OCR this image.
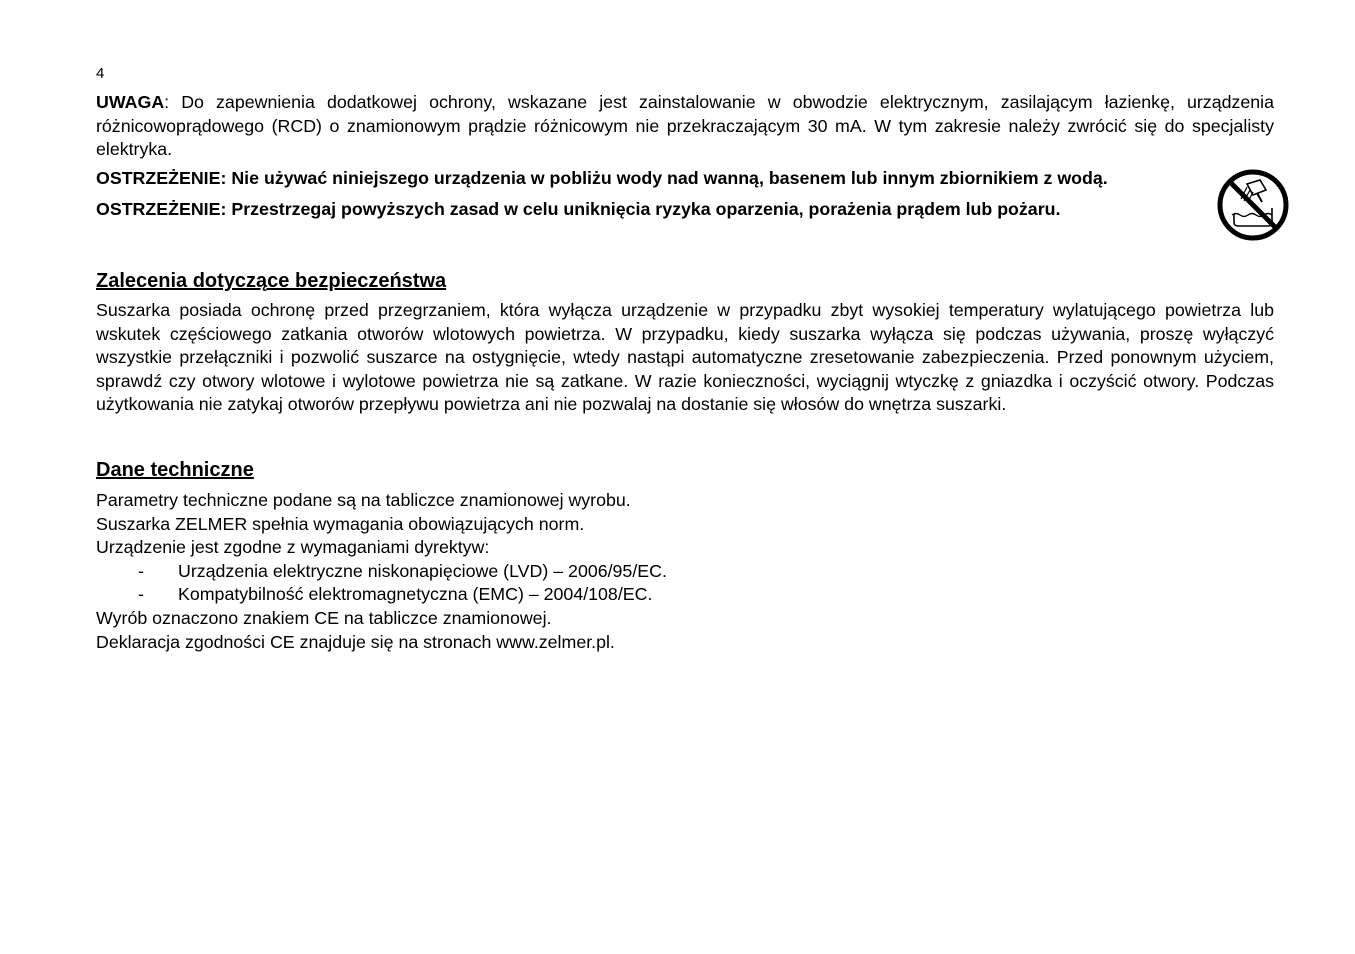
4

UWAGA: Do zapewnienia dodatkowej ochrony, wskazane jest zainstalowanie w obwodzie elektrycznym, zasilającym łazienkę, urządzenia różnicowoprądowego (RCD) o znamionowym prądzie różnicowym nie przekraczającym 30 mA. W tym zakresie należy zwrócić się do specjalisty elektryka.

OSTRZEŻENIE: Nie używać niniejszego urządzenia w pobliżu wody nad wanną, basenem lub innym zbiornikiem z wodą.

OSTRZEŻENIE: Przestrzegaj powyższych zasad w celu uniknięcia ryzyka oparzenia, porażenia prądem lub pożaru.

Zalecenia dotyczące bezpieczeństwa

Suszarka posiada ochronę przed przegrzaniem, która wyłącza urządzenie w przypadku zbyt wysokiej temperatury wylatującego powietrza lub wskutek częściowego zatkania otworów wlotowych powietrza. W przypadku, kiedy suszarka wyłącza się podczas używania, proszę wyłączyć wszystkie przełączniki i pozwolić suszarce na ostygnięcie, wtedy nastąpi automatyczne zresetowanie zabezpieczenia. Przed ponownym użyciem, sprawdź czy otwory wlotowe i wylotowe powietrza nie są zatkane. W razie konieczności, wyciągnij wtyczkę z gniazdka i oczyścić otwory. Podczas użytkowania nie zatykaj otworów przepływu powietrza ani nie pozwalaj na dostanie się włosów do wnętrza suszarki.

Dane techniczne
Parametry techniczne podane są na tabliczce znamionowej wyrobu.
Suszarka ZELMER spełnia wymagania obowiązujących norm.
Urządzenie jest zgodne z wymaganiami dyrektyw:
- Urządzenia elektryczne niskonapięciowe (LVD) – 2006/95/EC.
- Kompatybilność elektromagnetyczna (EMC) – 2004/108/EC.
Wyrób oznaczono znakiem CE na tabliczce znamionowej.
Deklaracja zgodności CE znajduje się na stronach www.zelmer.pl.
